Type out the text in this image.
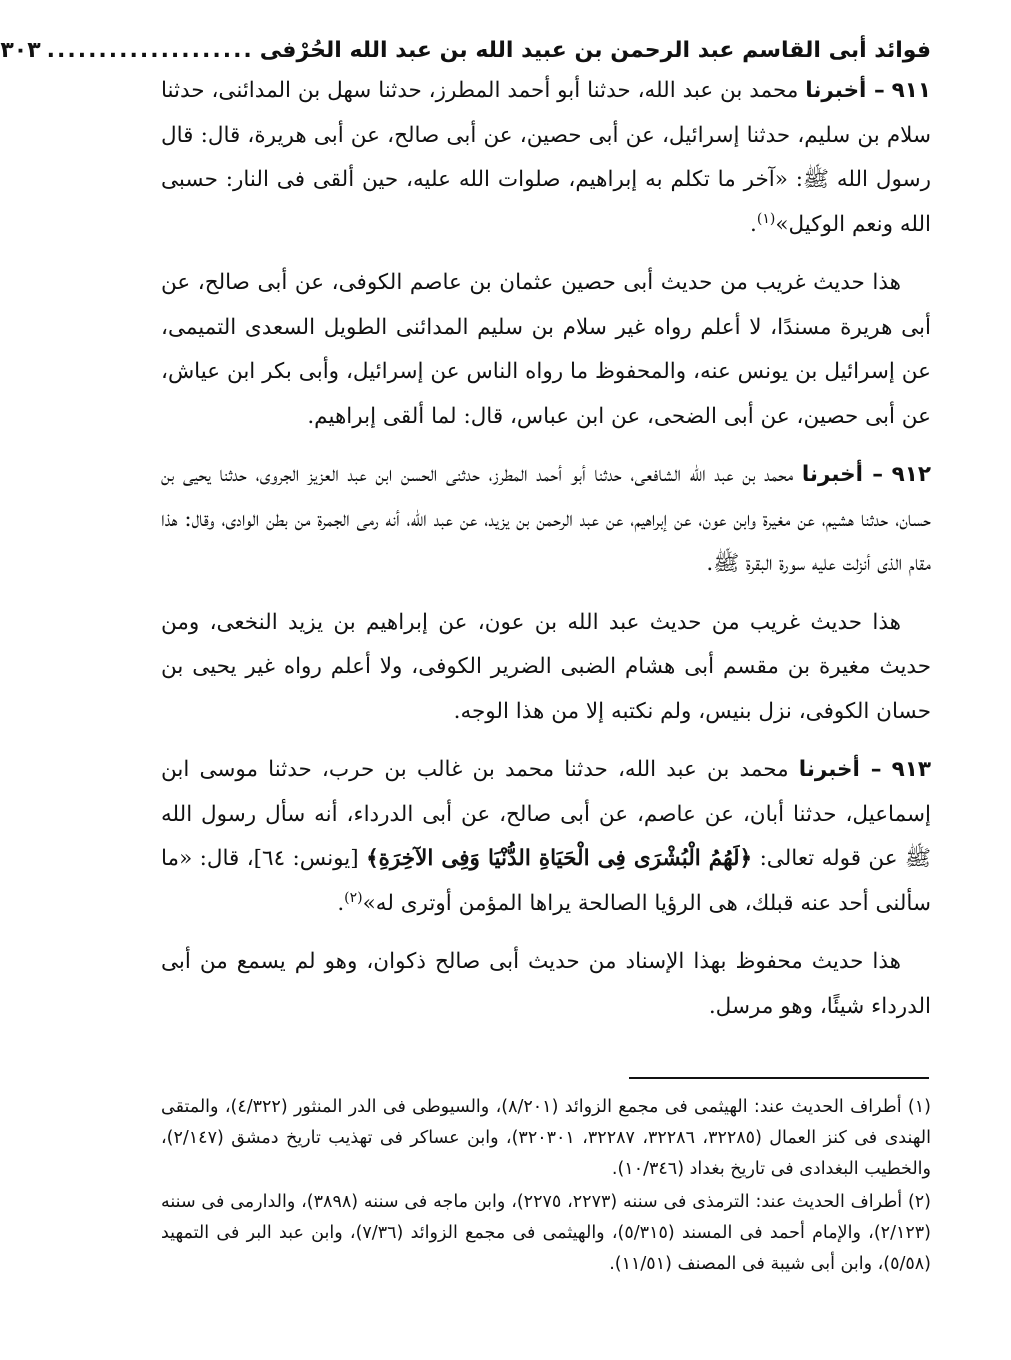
فوائد أبى القاسم عبد الرحمن بن عبيد الله بن عبد الله الحُرْفى
....................
٣٠٣

٩١١ – أخبرنا محمد بن عبد الله، حدثنا أبو أحمد المطرز، حدثنا سهل بن المدائنى، حدثنا سلام بن سليم، حدثنا إسرائيل، عن أبى حصين، عن أبى صالح، عن أبى هريرة، قال: قال رسول الله ﷺ: «آخر ما تكلم به إبراهيم، صلوات الله عليه، حين ألقى فى النار: حسبى الله ونعم الوكيل»$^{(١)}$.

هذا حديث غريب من حديث أبى حصين عثمان بن عاصم الكوفى، عن أبى صالح، عن أبى هريرة مسندًا، لا أعلم رواه غير سلام بن سليم المدائنى الطويل السعدى التميمى، عن إسرائيل بن يونس عنه، والمحفوظ ما رواه الناس عن إسرائيل، وأبى بكر ابن عياش، عن أبى حصين، عن أبى الضحى، عن ابن عباس، قال: لما ألقى إبراهيم.

٩١٢ – أخبرنا محمد بن عبد الله الشافعى، حدثنا أبو أحمد المطرز، حدثنى الحسن ابن عبد العزيز الجروى، حدثنا يحيى بن حسان، حدثنا هشيم، عن مغيرة وابن عون، عن إبراهيم، عن عبد الرحمن بن يزيد، عن عبد الله، أنه رمى الجمرة من بطن الوادى، وقال: هذا مقام الذى أنزلت عليه سورة البقرة ﷺ.

هذا حديث غريب من حديث عبد الله بن عون، عن إبراهيم بن يزيد النخعى، ومن حديث مغيرة بن مقسم أبى هشام الضبى الضرير الكوفى، ولا أعلم رواه غير يحيى بن حسان الكوفى، نزل بنيس، ولم نكتبه إلا من هذا الوجه.

٩١٣ – أخبرنا محمد بن عبد الله، حدثنا محمد بن غالب بن حرب، حدثنا موسى ابن إسماعيل، حدثنا أبان، عن عاصم، عن أبى صالح، عن أبى الدرداء، أنه سأل رسول الله ﷺ عن قوله تعالى: ﴿لَهُمُ الْبُشْرَى فِى الْحَيَاةِ الدُّنْيَا وَفِى الآخِرَةِ﴾ [يونس: ٦٤]، قال: «ما سألنى أحد عنه قبلك، هى الرؤيا الصالحة يراها المؤمن أوترى له»$^{(٢)}$.

هذا حديث محفوظ بهذا الإسناد من حديث أبى صالح ذكوان، وهو لم يسمع من أبى الدرداء شيئًا، وهو مرسل.

(١) أطراف الحديث عند: الهيثمى فى مجمع الزوائد (٨/٢٠١)، والسيوطى فى الدر المنثور (٤/٣٢٢)، والمتقى الهندى فى كنز العمال (٣٢٢٨٥، ٣٢٢٨٦، ٣٢٢٨٧، ٣٢٠٣٠١)، وابن عساكر فى تهذيب تاريخ دمشق (٢/١٤٧)، والخطيب البغدادى فى تاريخ بغداد (١٠/٣٤٦).

(٢) أطراف الحديث عند: الترمذى فى سننه (٢٢٧٣، ٢٢٧٥)، وابن ماجه فى سننه (٣٨٩٨)، والدارمى فى سننه (٢/١٢٣)، والإمام أحمد فى المسند (٥/٣١٥)، والهيثمى فى مجمع الزوائد (٧/٣٦)، وابن عبد البر فى التمهيد (٥/٥٨)، وابن أبى شيبة فى المصنف (١١/٥١).
